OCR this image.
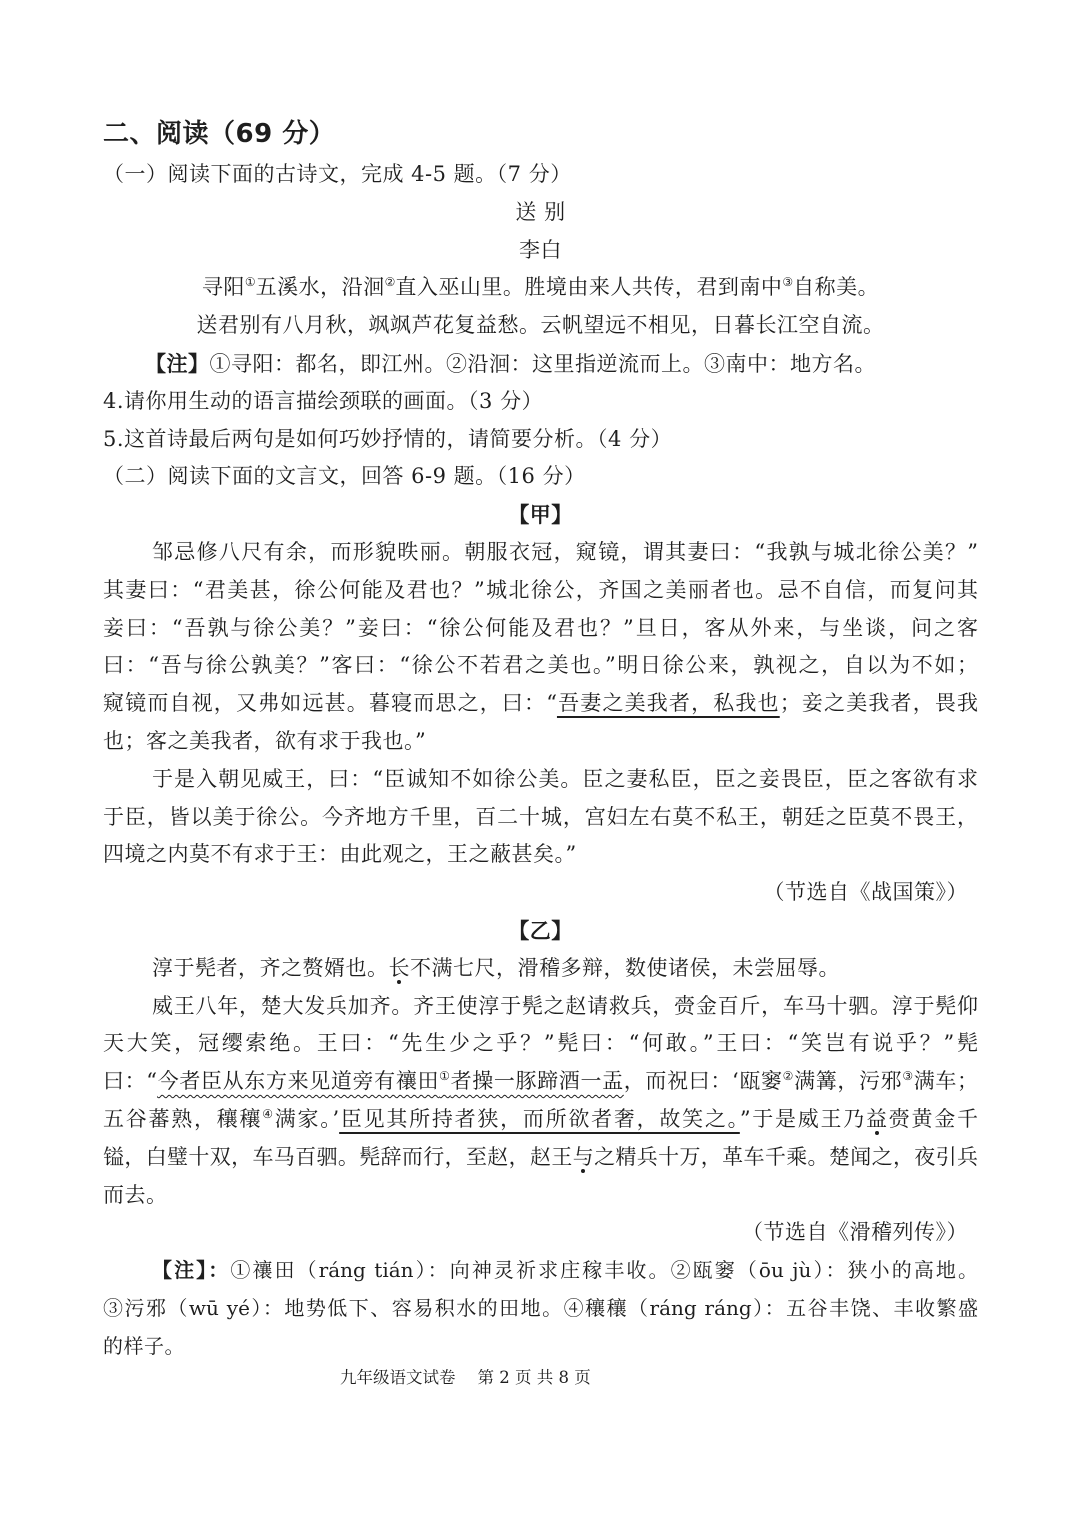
二、阅读（69 分）
（一）阅读下面的古诗文，完成 4-5 题。（7 分）
送 别
李白
寻阳①五溪水，沿洄②直入巫山里。胜境由来人共传，君到南中③自称美。
送君别有八月秋，飒飒芦花复益愁。云帆望远不相见，日暮长江空自流。
【注】①寻阳：都名，即江州。②沿洄：这里指逆流而上。③南中：地方名。
4.请你用生动的语言描绘颈联的画面。（3 分）
5.这首诗最后两句是如何巧妙抒情的，请简要分析。（4 分）
（二）阅读下面的文言文，回答 6-9 题。（16 分）
【甲】
邹忌修八尺有余，而形貌昳丽。朝服衣冠，窥镜，谓其妻曰：“我孰与城北徐公美？”
其妻曰：“君美甚，徐公何能及君也？”城北徐公，齐国之美丽者也。忌不自信，而复问其
妾曰：“吾孰与徐公美？”妾曰：“徐公何能及君也？”旦日，客从外来，与坐谈，问之客
曰：“吾与徐公孰美？”客曰：“徐公不若君之美也。”明日徐公来，孰视之，自以为不如；
窥镜而自视，又弗如远甚。暮寝而思之，曰：“吾妻之美我者，私我也；妾之美我者，畏我
也；客之美我者，欲有求于我也。”
于是入朝见威王，曰：“臣诚知不如徐公美。臣之妻私臣，臣之妾畏臣，臣之客欲有求
于臣，皆以美于徐公。今齐地方千里，百二十城，宫妇左右莫不私王，朝廷之臣莫不畏王，
四境之内莫不有求于王：由此观之，王之蔽甚矣。”
（节选自《战国策》）
【乙】
淳于髡者，齐之赘婿也。长不满七尺，滑稽多辩，数使诸侯，未尝屈辱。
威王八年，楚大发兵加齐。齐王使淳于髡之赵请救兵，赍金百斤，车马十驷。淳于髡仰
天大笑，冠缨索绝。王曰：“先生少之乎？”髡曰：“何敢。”王曰：“笑岂有说乎？”髡
曰：“今者臣从东方来见道旁有禳田①者操一豚蹄酒一盂，而祝曰：‘瓯窭②满篝，污邪③满车；
五谷蕃熟，穰穰④满家。’臣见其所持者狭，而所欲者奢，故笑之。”于是威王乃益赍黄金千
镒，白璧十双，车马百驷。髡辞而行，至赵，赵王与之精兵十万，革车千乘。楚闻之，夜引兵
而去。
（节选自《滑稽列传》）
【注】：①禳田（ráng tián）：向神灵祈求庄稼丰收。②瓯窭（ōu jù）：狭小的高地。
③污邪（wū yé）：地势低下、容易积水的田地。④穰穰（ráng ráng）：五谷丰饶、丰收繁盛
的样子。
九年级语文试卷 第 2 页 共 8 页
